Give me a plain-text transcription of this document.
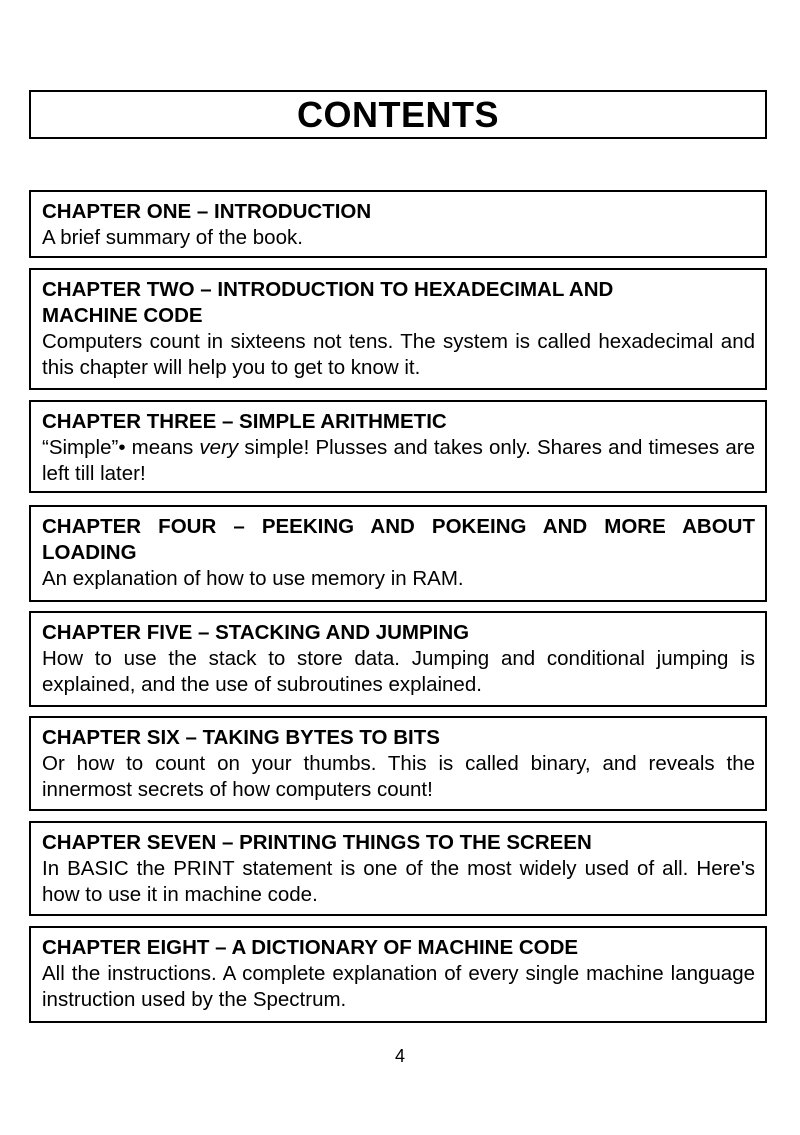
CONTENTS

CHAPTER ONE – INTRODUCTION

A brief summary of the book.

CHAPTER TWO – INTRODUCTION TO HEXADECIMAL AND

MACHINE CODE

Computers count in sixteens not tens. The system is called hexadecimal and this chapter will help you to get to know it.

CHAPTER THREE – SIMPLE ARITHMETIC

“Simple”• means very simple! Plusses and takes only. Shares and timeses are left till later!

CHAPTER FOUR – PEEKING AND POKEING AND MORE ABOUT LOADING

An explanation of how to use memory in RAM.

CHAPTER FIVE – STACKING AND JUMPING

How to use the stack to store data. Jumping and conditional jumping is explained, and the use of subroutines explained.

CHAPTER SIX – TAKING BYTES TO BITS

Or how to count on your thumbs. This is called binary, and reveals the innermost secrets of how computers count!

CHAPTER SEVEN – PRINTING THINGS TO THE SCREEN

In BASIC the PRINT statement is one of the most widely used of all. Here's how to use it in machine code.

CHAPTER EIGHT – A DICTIONARY OF MACHINE CODE

All the instructions. A complete explanation of every single machine language instruction used by the Spectrum.

4
